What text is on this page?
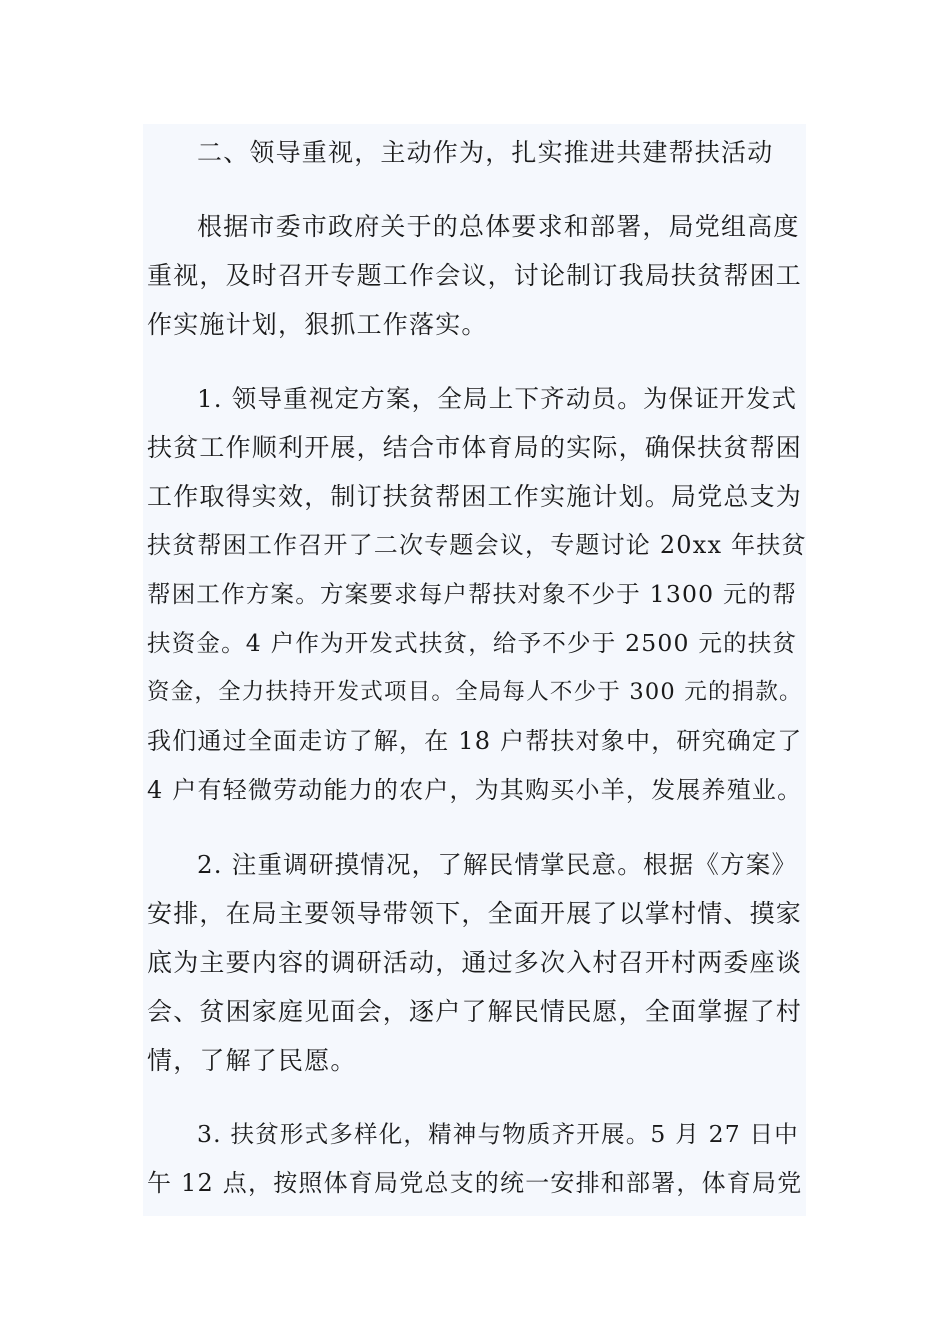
二、领导重视，主动作为，扎实推进共建帮扶活动
根据市委市政府关于的总体要求和部署，局党组高度
重视，及时召开专题工作会议，讨论制订我局扶贫帮困工
作实施计划，狠抓工作落实。
1. 领导重视定方案，全局上下齐动员。为保证开发式
扶贫工作顺利开展，结合市体育局的实际，确保扶贫帮困
工作取得实效，制订扶贫帮困工作实施计划。局党总支为
扶贫帮困工作召开了二次专题会议，专题讨论 20xx 年扶贫
帮困工作方案。方案要求每户帮扶对象不少于 1300 元的帮
扶资金。4 户作为开发式扶贫，给予不少于 2500 元的扶贫
资金，全力扶持开发式项目。全局每人不少于 300 元的捐款。
我们通过全面走访了解，在 18 户帮扶对象中，研究确定了
4 户有轻微劳动能力的农户，为其购买小羊，发展养殖业。
2. 注重调研摸情况，了解民情掌民意。根据《方案》
安排，在局主要领导带领下，全面开展了以掌村情、摸家
底为主要内容的调研活动，通过多次入村召开村两委座谈
会、贫困家庭见面会，逐户了解民情民愿，全面掌握了村
情，了解了民愿。
3. 扶贫形式多样化，精神与物质齐开展。5 月 27 日中
午 12 点，按照体育局党总支的统一安排和部署，体育局党
